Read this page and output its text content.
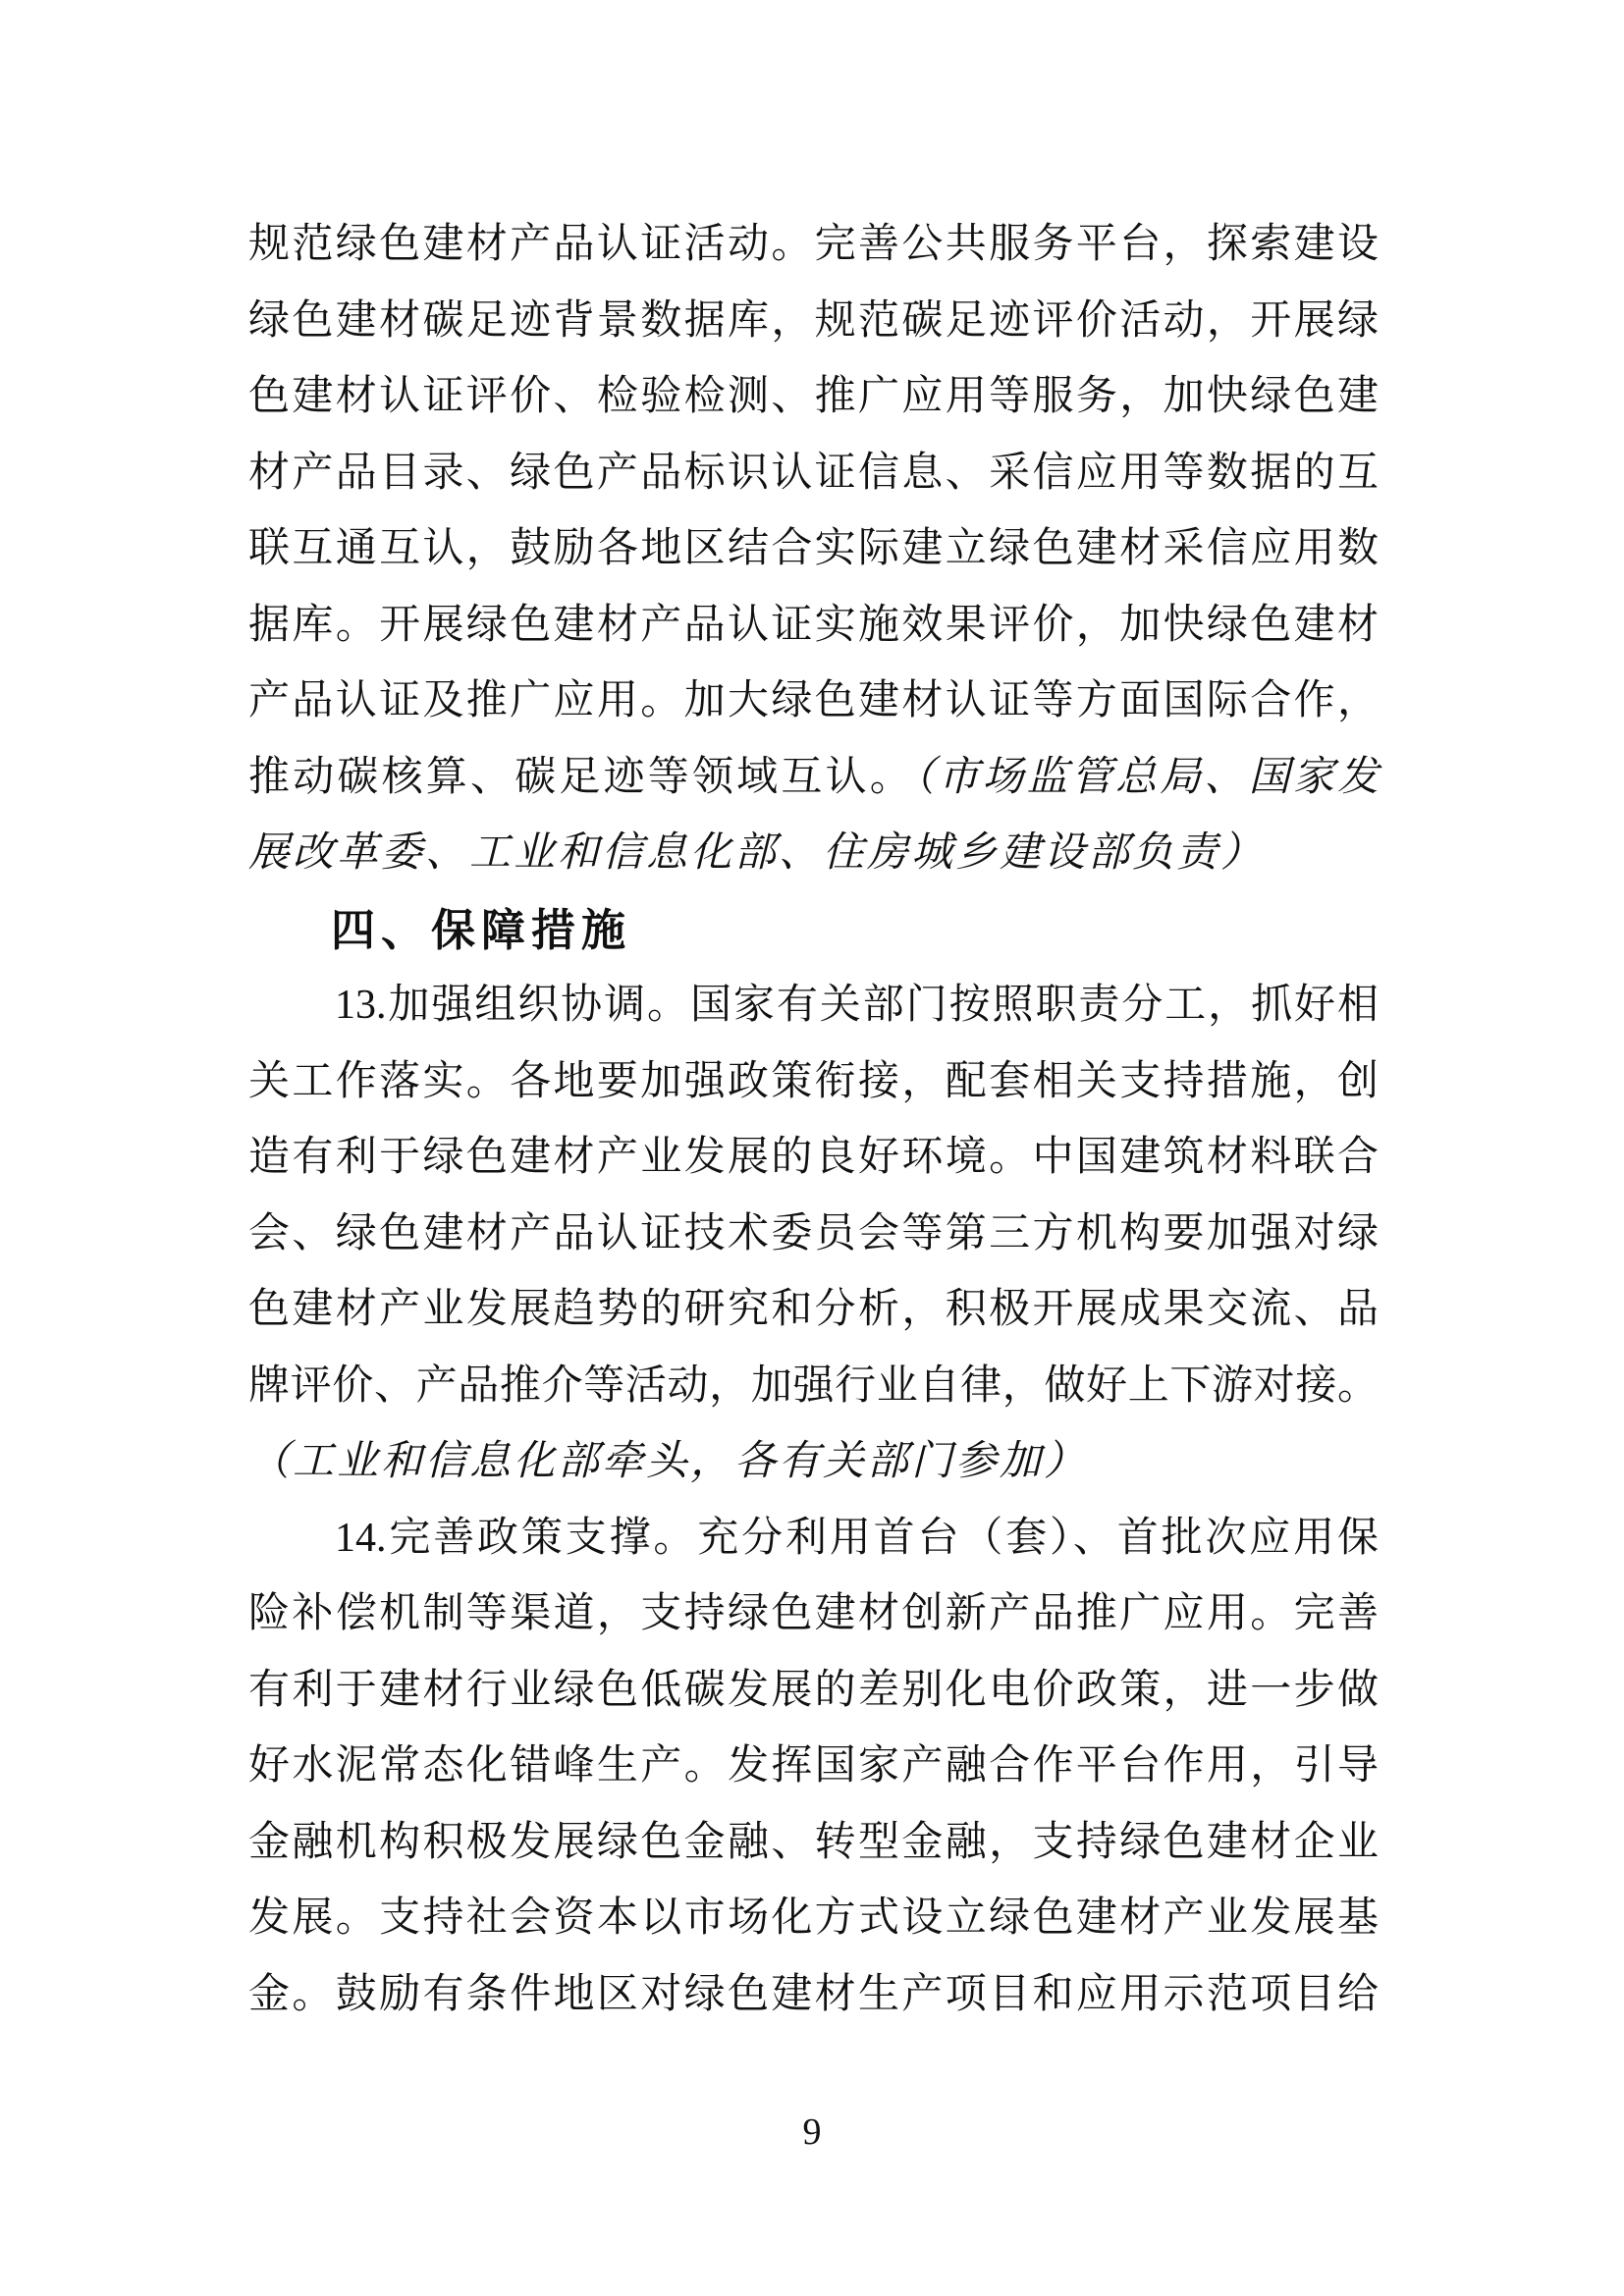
规范绿色建材产品认证活动。完善公共服务平台，探索建设

绿色建材碳足迹背景数据库，规范碳足迹评价活动，开展绿

色建材认证评价、检验检测、推广应用等服务，加快绿色建

材产品目录、绿色产品标识认证信息、采信应用等数据的互

联互通互认，鼓励各地区结合实际建立绿色建材采信应用数

据库。开展绿色建材产品认证实施效果评价，加快绿色建材

产品认证及推广应用。加大绿色建材认证等方面国际合作，

推动碳核算、碳足迹等领域互认。（市场监管总局、国家发

展改革委、工业和信息化部、住房城乡建设部负责）

四、保障措施

13.加强组织协调。国家有关部门按照职责分工，抓好相

关工作落实。各地要加强政策衔接，配套相关支持措施，创

造有利于绿色建材产业发展的良好环境。中国建筑材料联合

会、绿色建材产品认证技术委员会等第三方机构要加强对绿

色建材产业发展趋势的研究和分析，积极开展成果交流、品

牌评价、产品推介等活动，加强行业自律，做好上下游对接。

（工业和信息化部牵头，各有关部门参加）

14.完善政策支撑。充分利用首台（套）、首批次应用保

险补偿机制等渠道，支持绿色建材创新产品推广应用。完善

有利于建材行业绿色低碳发展的差别化电价政策，进一步做

好水泥常态化错峰生产。发挥国家产融合作平台作用，引导

金融机构积极发展绿色金融、转型金融，支持绿色建材企业

发展。支持社会资本以市场化方式设立绿色建材产业发展基

金。鼓励有条件地区对绿色建材生产项目和应用示范项目给

9
